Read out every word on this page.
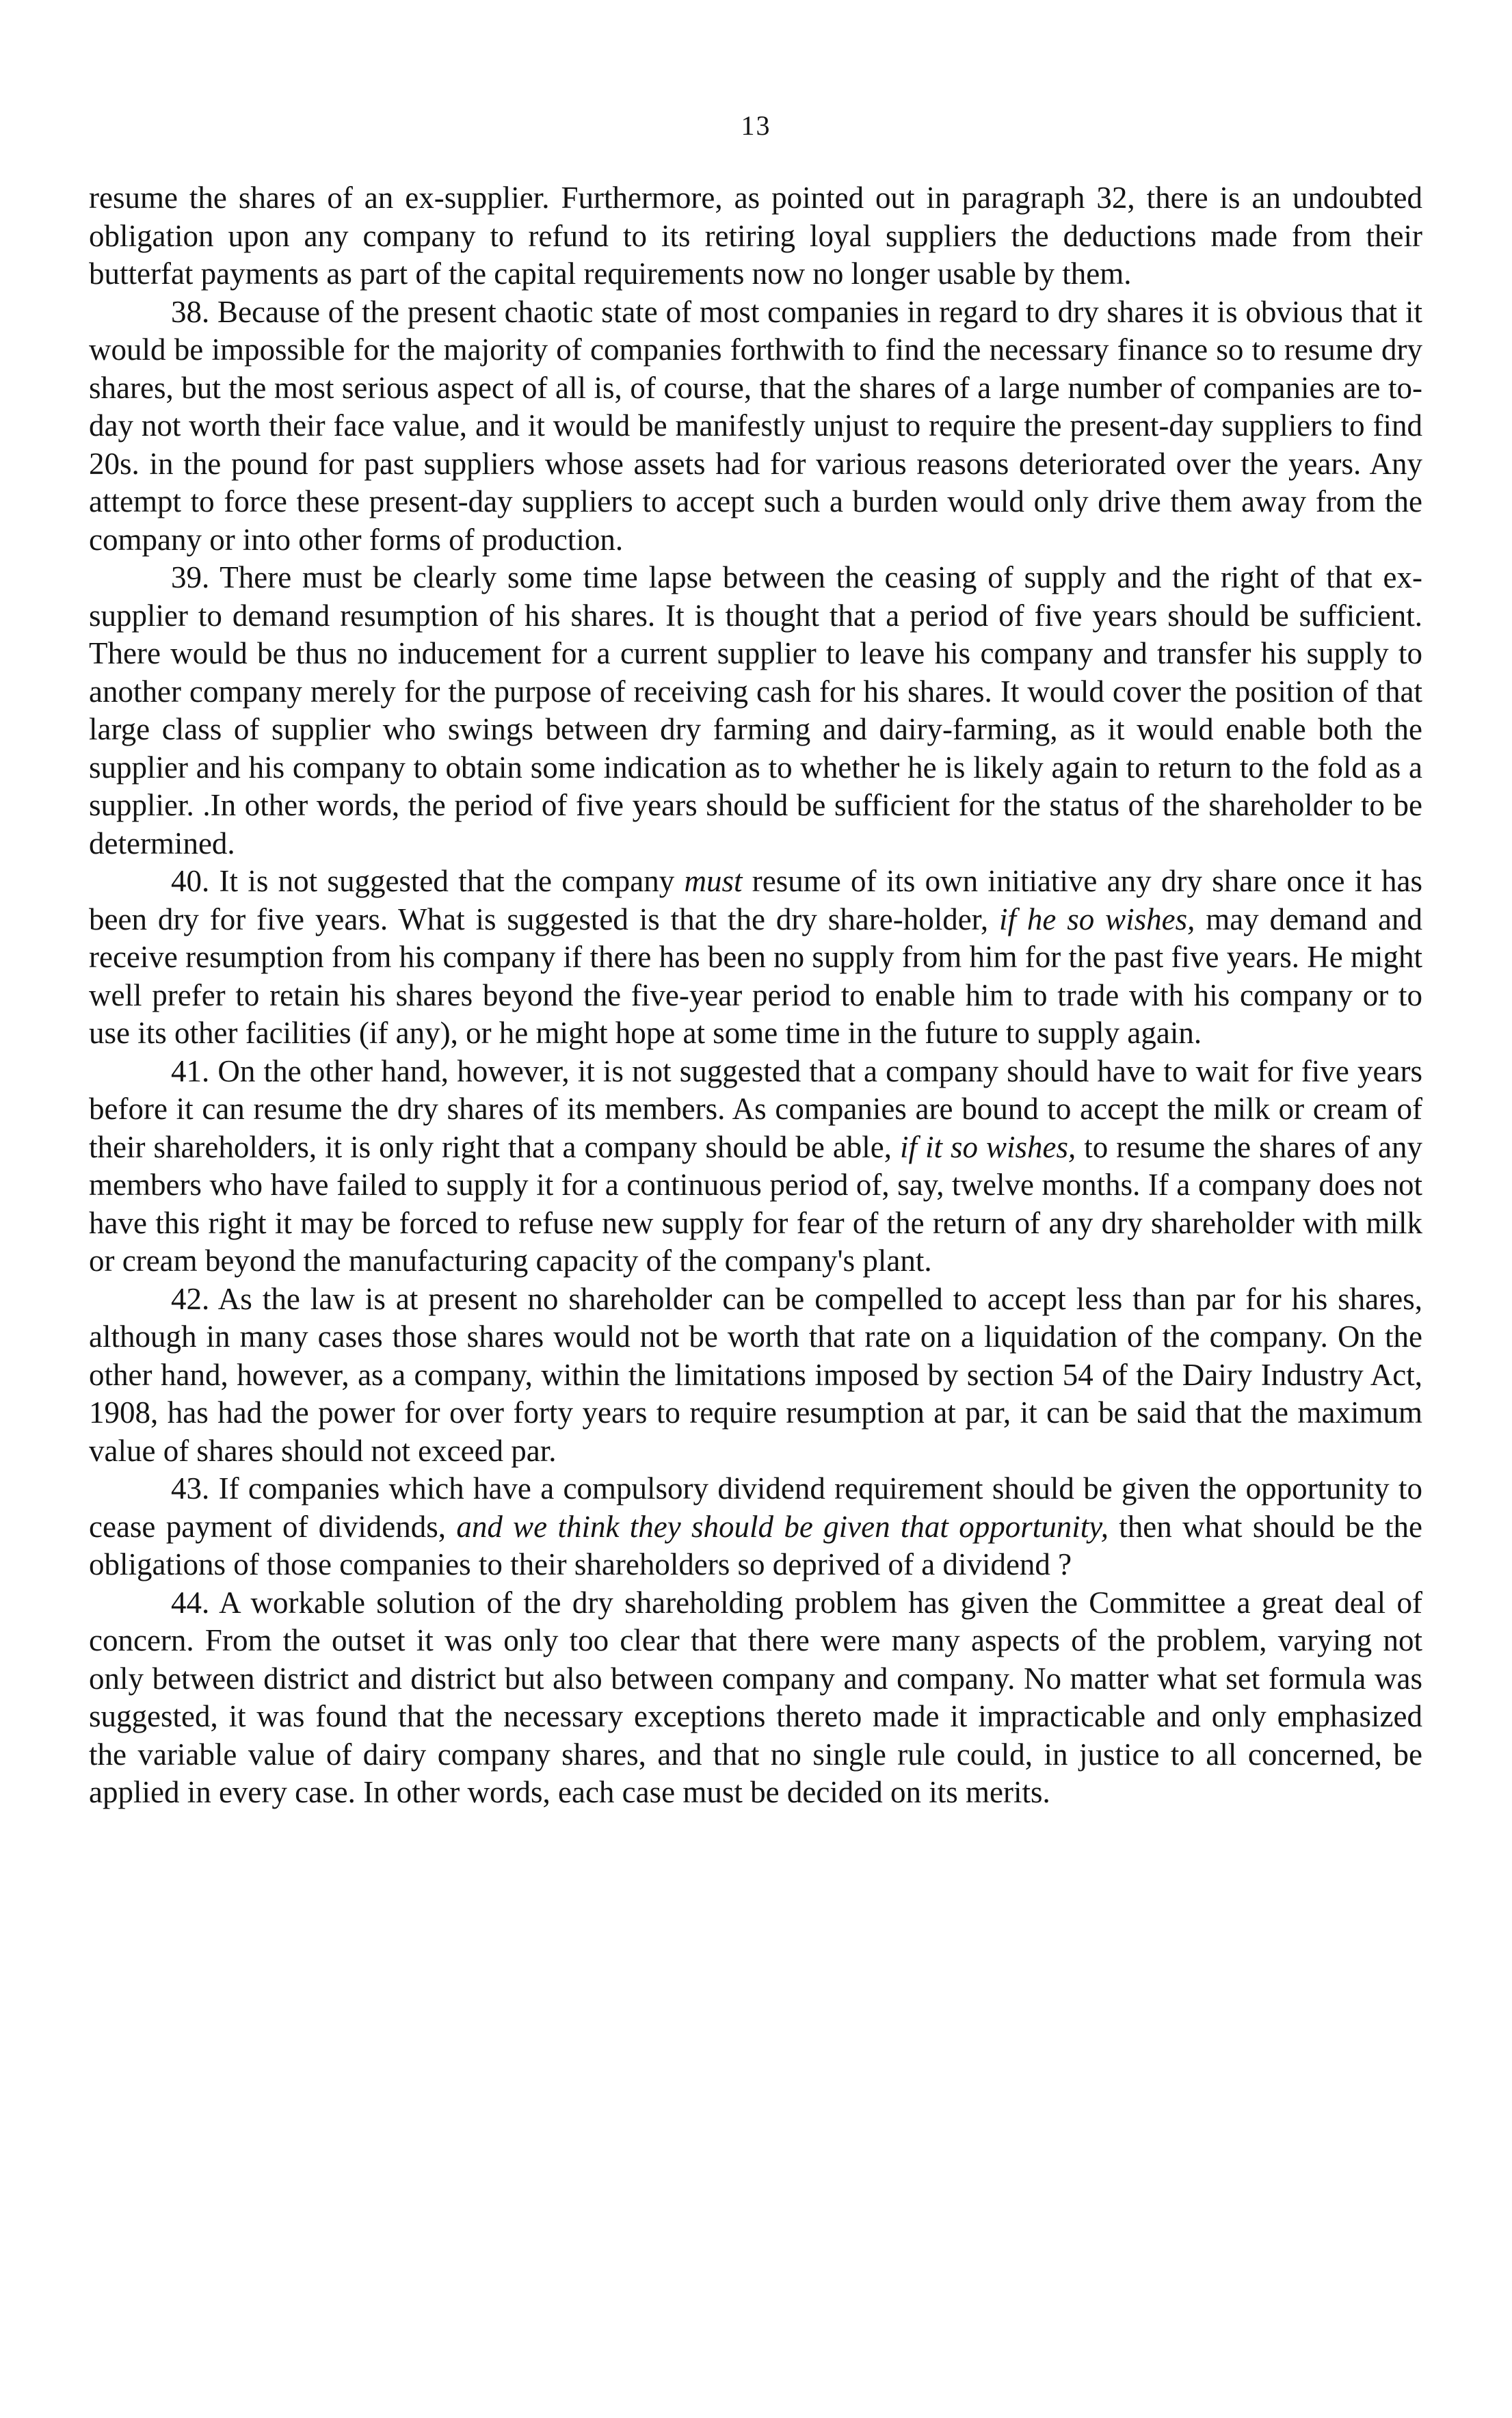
13

resume the shares of an ex-supplier. Furthermore, as pointed out in paragraph 32, there is an undoubted obligation upon any company to refund to its retiring loyal suppliers the deductions made from their butterfat payments as part of the capital requirements now no longer usable by them.

38. Because of the present chaotic state of most companies in regard to dry shares it is obvious that it would be impossible for the majority of companies forthwith to find the necessary finance so to resume dry shares, but the most serious aspect of all is, of course, that the shares of a large number of companies are to-day not worth their face value, and it would be manifestly unjust to require the present-day suppliers to find 20s. in the pound for past suppliers whose assets had for various reasons deteriorated over the years. Any attempt to force these present-day suppliers to accept such a burden would only drive them away from the company or into other forms of production.

39. There must be clearly some time lapse between the ceasing of supply and the right of that ex-supplier to demand resumption of his shares. It is thought that a period of five years should be sufficient. There would be thus no inducement for a current supplier to leave his company and transfer his supply to another company merely for the purpose of receiving cash for his shares. It would cover the position of that large class of supplier who swings between dry farming and dairy-farming, as it would enable both the supplier and his company to obtain some indication as to whether he is likely again to return to the fold as a supplier. .In other words, the period of five years should be sufficient for the status of the shareholder to be determined.

40. It is not suggested that the company must resume of its own initiative any dry share once it has been dry for five years. What is suggested is that the dry share-holder, if he so wishes, may demand and receive resumption from his company if there has been no supply from him for the past five years. He might well prefer to retain his shares beyond the five-year period to enable him to trade with his company or to use its other facilities (if any), or he might hope at some time in the future to supply again.

41. On the other hand, however, it is not suggested that a company should have to wait for five years before it can resume the dry shares of its members. As companies are bound to accept the milk or cream of their shareholders, it is only right that a company should be able, if it so wishes, to resume the shares of any members who have failed to supply it for a continuous period of, say, twelve months. If a company does not have this right it may be forced to refuse new supply for fear of the return of any dry shareholder with milk or cream beyond the manufacturing capacity of the company's plant.

42. As the law is at present no shareholder can be compelled to accept less than par for his shares, although in many cases those shares would not be worth that rate on a liquidation of the company. On the other hand, however, as a company, within the limitations imposed by section 54 of the Dairy Industry Act, 1908, has had the power for over forty years to require resumption at par, it can be said that the maximum value of shares should not exceed par.

43. If companies which have a compulsory dividend requirement should be given the opportunity to cease payment of dividends, and we think they should be given that opportunity, then what should be the obligations of those companies to their shareholders so deprived of a dividend ?

44. A workable solution of the dry shareholding problem has given the Committee a great deal of concern. From the outset it was only too clear that there were many aspects of the problem, varying not only between district and district but also between company and company. No matter what set formula was suggested, it was found that the necessary exceptions thereto made it impracticable and only emphasized the variable value of dairy company shares, and that no single rule could, in justice to all concerned, be applied in every case. In other words, each case must be decided on its merits.
